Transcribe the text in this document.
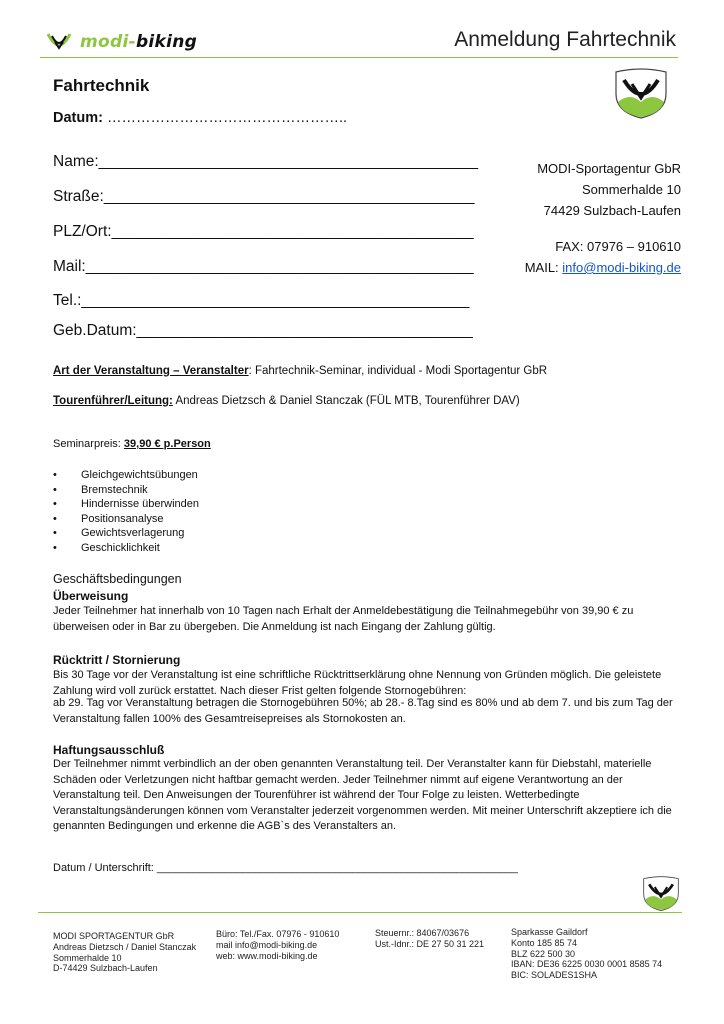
modi-biking	Anmeldung Fahrtechnik
Fahrtechnik
Datum: …………………………………………..
Name:____________________________________________
Straße:___________________________________________
PLZ/Ort:__________________________________________
Mail:_____________________________________________
Tel.:_____________________________________________
Geb.Datum:_______________________________________
MODI-Sportagentur GbR
Sommerhalde 10
74429 Sulzbach-Laufen
FAX: 07976 – 910610
MAIL: info@modi-biking.de
Art der Veranstaltung – Veranstalter: Fahrtechnik-Seminar, individual - Modi Sportagentur GbR
Tourenführer/Leitung: Andreas Dietzsch & Daniel Stanczak (FÜL MTB, Tourenführer DAV)
Seminarpreis: 39,90 € p.Person
• Gleichgewichtsübungen
• Bremstechnik
• Hindernisse überwinden
• Positionsanalyse
• Gewichtsverlagerung
• Geschicklichkeit
Geschäftsbedingungen
Überweisung
Jeder Teilnehmer hat innerhalb von 10 Tagen nach Erhalt der Anmeldebestätigung die Teilnahmegebühr von 39,90 € zu überweisen oder in Bar zu übergeben. Die Anmeldung ist nach Eingang der Zahlung gültig.
Rücktritt / Stornierung
Bis 30 Tage vor der Veranstaltung ist eine schriftliche Rücktrittserklärung ohne Nennung von Gründen möglich. Die geleistete Zahlung wird voll zurück erstattet. Nach dieser Frist gelten folgende Stornogebühren:
ab 29. Tag vor Veranstaltung betragen die Stornogebühren 50%; ab 28.- 8.Tag sind es 80% und ab dem 7. und bis zum Tag der Veranstaltung fallen 100% des Gesamtreisepreises als Stornokosten an.
Haftungsausschluß
Der Teilnehmer nimmt verbindlich an der oben genannten Veranstaltung teil. Der Veranstalter kann für Diebstahl, materielle Schäden oder Verletzungen nicht haftbar gemacht werden. Jeder Teilnehmer nimmt auf eigene Verantwortung an der Veranstaltung teil. Den Anweisungen der Tourenführer ist während der Tour Folge zu leisten. Wetterbedingte Veranstaltungsänderungen können vom Veranstalter jederzeit vorgenommen werden. Mit meiner Unterschrift akzeptiere ich die genannten Bedingungen und erkenne die AGB`s des Veranstalters an.
Datum / Unterschrift: ___________________________________________________________
MODI SPORTAGENTUR GbR
Andreas Dietzsch / Daniel Stanczak
Sommerhalde 10
D-74429 Sulzbach-Laufen
Büro: Tel./Fax. 07976 - 910610
mail info@modi-biking.de
web: www.modi-biking.de
Steuernr.: 84067/03676
Ust.-Idnr.: DE 27 50 31 221
Sparkasse Gaildorf
Konto 185 85 74
BLZ 622 500 30
IBAN: DE36 6225 0030 0001 8585 74
BIC: SOLADES1SHA
